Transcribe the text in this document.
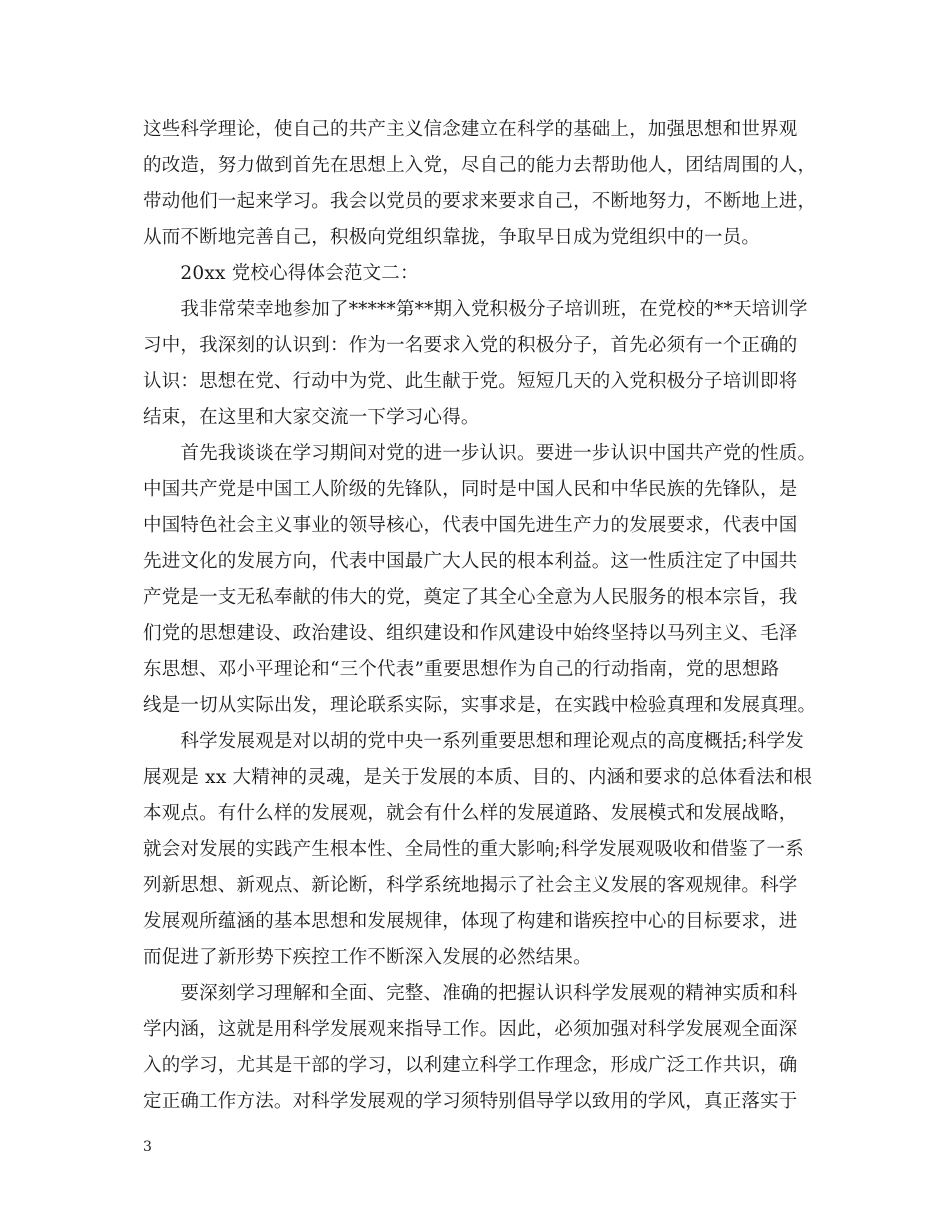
这些科学理论，使自己的共产主义信念建立在科学的基础上，加强思想和世界观
的改造，努力做到首先在思想上入党，尽自己的能力去帮助他人，团结周围的人，
带动他们一起来学习。我会以党员的要求来要求自己，不断地努力，不断地上进，
从而不断地完善自己，积极向党组织靠拢，争取早日成为党组织中的一员。
　　20xx 党校心得体会范文二：
　　我非常荣幸地参加了*****第**期入党积极分子培训班，在党校的**天培训学
习中，我深刻的认识到：作为一名要求入党的积极分子，首先必须有一个正确的
认识：思想在党、行动中为党、此生献于党。短短几天的入党积极分子培训即将
结束，在这里和大家交流一下学习心得。
　　首先我谈谈在学习期间对党的进一步认识。要进一步认识中国共产党的性质。
中国共产党是中国工人阶级的先锋队，同时是中国人民和中华民族的先锋队，是
中国特色社会主义事业的领导核心，代表中国先进生产力的发展要求，代表中国
先进文化的发展方向，代表中国最广大人民的根本利益。这一性质注定了中国共
产党是一支无私奉献的伟大的党，奠定了其全心全意为人民服务的根本宗旨，我
们党的思想建设、政治建设、组织建设和作风建设中始终坚持以马列主义、毛泽
东思想、邓小平理论和“三个代表”重要思想作为自己的行动指南，党的思想路
线是一切从实际出发，理论联系实际，实事求是，在实践中检验真理和发展真理。
　　科学发展观是对以胡的党中央一系列重要思想和理论观点的高度概括;科学发
展观是 xx 大精神的灵魂，是关于发展的本质、目的、内涵和要求的总体看法和根
本观点。有什么样的发展观，就会有什么样的发展道路、发展模式和发展战略，
就会对发展的实践产生根本性、全局性的重大影响;科学发展观吸收和借鉴了一系
列新思想、新观点、新论断，科学系统地揭示了社会主义发展的客观规律。科学
发展观所蕴涵的基本思想和发展规律，体现了构建和谐疾控中心的目标要求，进
而促进了新形势下疾控工作不断深入发展的必然结果。
　　要深刻学习理解和全面、完整、准确的把握认识科学发展观的精神实质和科
学内涵，这就是用科学发展观来指导工作。因此，必须加强对科学发展观全面深
入的学习，尤其是干部的学习，以利建立科学工作理念，形成广泛工作共识，确
定正确工作方法。对科学发展观的学习须特别倡导学以致用的学风，真正落实于
3
